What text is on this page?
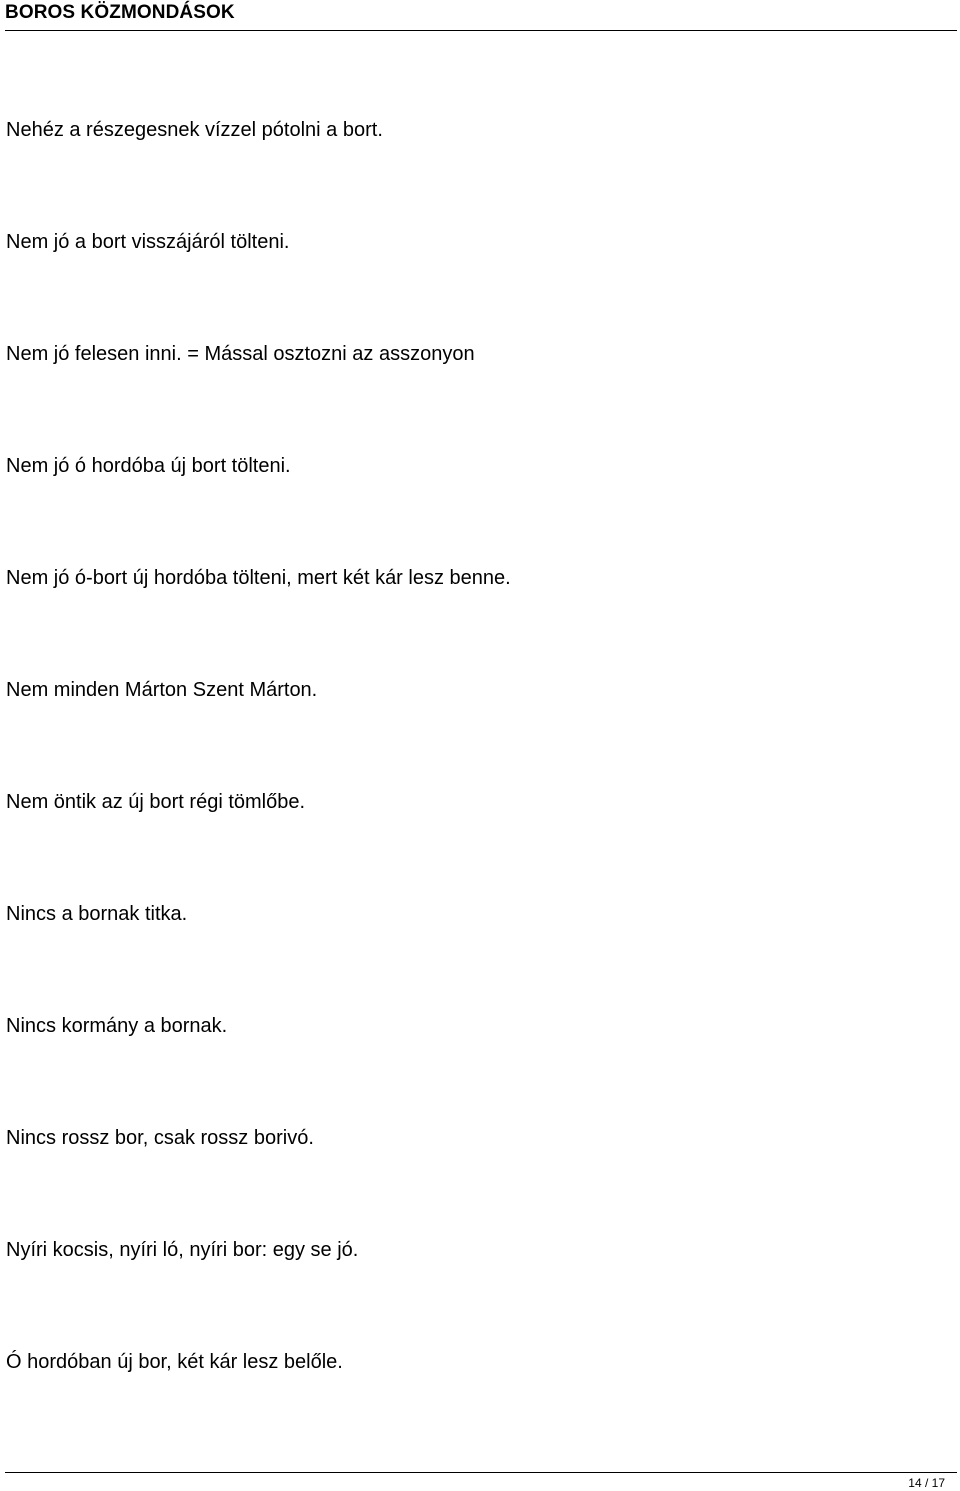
BOROS KÖZMONDÁSOK
Nehéz a részegesnek vízzel pótolni a bort.
Nem jó a bort visszájáról tölteni.
Nem jó felesen inni. = Mással osztozni az asszonyon
Nem jó ó hordóba új bort tölteni.
Nem jó ó-bort új hordóba tölteni, mert két kár lesz benne.
Nem minden Márton Szent Márton.
Nem öntik az új bort régi tömlőbe.
Nincs a bornak titka.
Nincs kormány a bornak.
Nincs rossz bor, csak rossz borivó.
Nyíri kocsis, nyíri ló, nyíri bor: egy se jó.
Ó hordóban új bor, két kár lesz belőle.
14 / 17
